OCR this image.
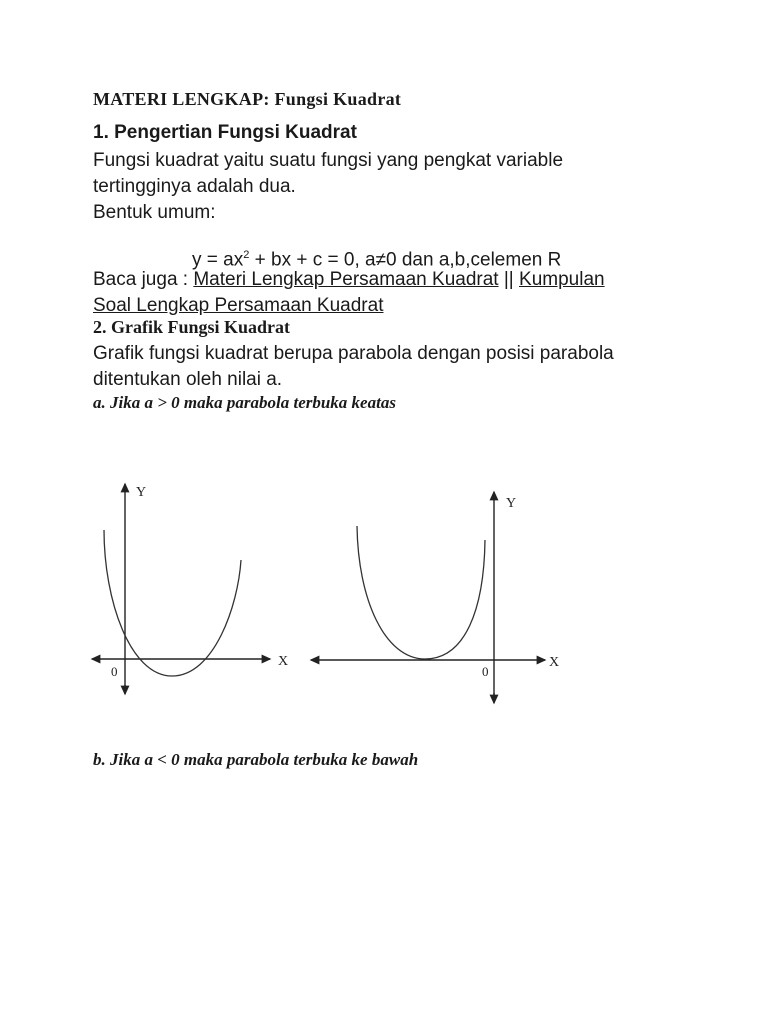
MATERI LENGKAP: Fungsi Kuadrat
1. Pengertian Fungsi Kuadrat
Fungsi kuadrat yaitu suatu fungsi yang pengkat variable
tertingginya adalah dua.
Bentuk umum:
$y = ax^2$ + bx + c = 0, a≠0 dan a,b,celemen R
Baca juga : Materi Lengkap Persamaan Kuadrat || Kumpulan
Soal Lengkap Persamaan Kuadrat
2. Grafik Fungsi Kuadrat
Grafik fungsi kuadrat berupa parabola dengan posisi parabola
ditentukan oleh nilai a.
a. Jika a > 0 maka parabola terbuka keatas
Y
X
0
Y
X
0
b. Jika a < 0 maka parabola terbuka ke bawah
